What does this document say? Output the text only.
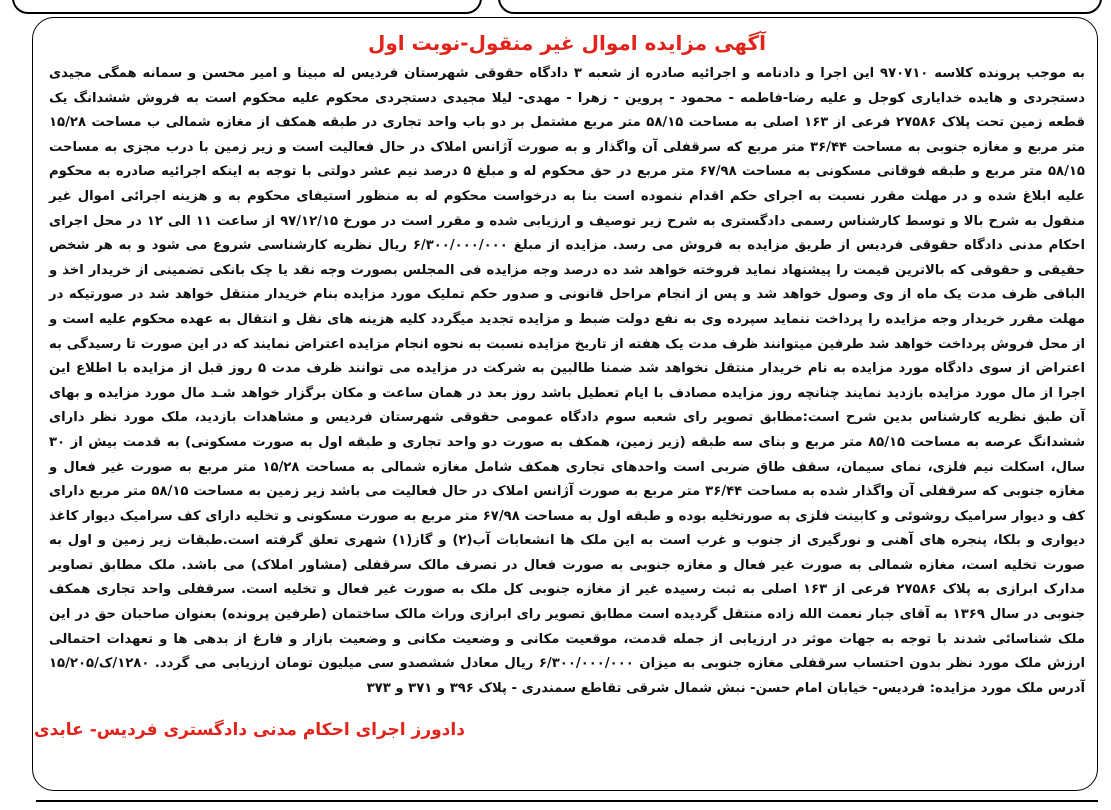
آگهی مزایده اموال غیر منقول-نوبت اول

به موجب پرونده کلاسه ۹۷۰۷۱۰ این اجرا و دادنامه و اجرائیه صادره از شعبه ۳ دادگاه حقوقی شهرستان فردیس له مبینا و امیر محسن و سمانه همگی مجیدی دستجردی و هایده خدایاری کوجل و علیه رضا-فاطمه - محمود - پروین - زهرا - مهدی- لیلا مجیدی دستجردی محکوم علیه محکوم است به فروش ششدانگ یک قطعه زمین تحت پلاک ۲۷۵۸۶ فرعی از ۱۶۳ اصلی به مساحت ۵۸/۱۵ متر مربع مشتمل بر دو باب واحد تجاری در طبقه همکف از مغازه شمالی ب مساحت ۱۵/۲۸ متر مربع و مغازه جنوبی به مساحت ۳۶/۴۴ متر مربع که سرقفلی آن واگذار و به صورت آژانس املاک در حال فعالیت است و زیر زمین با درب مجزی به مساحت ۵۸/۱۵ متر مربع و طبقه فوقانی مسکونی به مساحت ۶۷/۹۸ متر مربع در حق محکوم له و مبلغ ۵ درصد نیم عشر دولتی با توجه به اینکه اجرائیه صادره به محکوم علیه ابلاغ شده و در مهلت مقرر نسبت به اجرای حکم اقدام ننموده است بنا به درخواست محکوم له به منظور استیفای محکوم به و هزینه اجرائی اموال غیر منقول به شرح بالا و توسط کارشناس رسمی دادگستری به شرح زیر توصیف و ارزیابی شده و مقرر است در مورخ ۹۷/۱۲/۱۵ از ساعت ۱۱ الی ۱۲ در محل اجرای احکام مدنی دادگاه حقوقی فردیس از طریق مزایده به فروش می رسد. مزایده از مبلغ ۶/۳۰۰/۰۰۰/۰۰۰ ریال نظریه کارشناسی شروع می شود و به هر شخص حقیقی و حقوقی که بالاترین قیمت را پیشنهاد نماید فروخته خواهد شد ده درصد وجه مزایده فی المجلس بصورت وجه نقد یا چک بانکی تضمینی از خریدار اخذ و الباقی ظرف مدت یک ماه از وی وصول خواهد شد و پس از انجام مراحل قانونی و صدور حکم تملیک مورد مزایده بنام خریدار منتقل خواهد شد در صورتیکه در مهلت مقرر خریدار وجه مزایده را پرداخت ننماید سپرده وی به نفع دولت ضبط و مزایده تجدید میگردد کلیه هزینه های نقل و انتقال به عهده محکوم علیه است و از محل فروش پرداخت خواهد شد طرفین میتوانند ظرف مدت یک هفته از تاریخ مزایده نسبت به نحوه انجام مزایده اعتراض نمایند که در این صورت تا رسیدگی به اعتراض از سوی دادگاه مورد مزایده به نام خریدار منتقل نخواهد شد ضمنا طالبین به شرکت در مزایده می توانند ظرف مدت ۵ روز قبل از مزایده با اطلاع این اجرا از مال مورد مزایده بازدید نمایند چنانچه روز مزایده مصادف با ایام تعطیل باشد روز بعد در همان ساعت و مکان برگزار خواهد شـد مال مورد مزایده و بهای آن طبق نظریه کارشناس بدین شرح است:مطابق تصویر رای شعبه سوم دادگاه عمومی حقوقی شهرستان فردیس و مشاهدات بازدید، ملک مورد نظر دارای ششدانگ عرصه به مساحت ۸۵/۱۵ متر مربع و بنای سه طبقه (زیر زمین، همکف به صورت دو واحد تجاری و طبقه اول به صورت مسکونی) به قدمت بیش از ۳۰ سال، اسکلت نیم فلزی، نمای سیمان، سقف طاق ضربی است واحدهای تجاری همکف شامل مغازه شمالی به مساحت ۱۵/۲۸ متر مربع به صورت غیر فعال و مغازه جنوبی که سرقفلی آن واگذار شده به مساحت ۳۶/۴۴ متر مربع به صورت آژانس املاک در حال فعالیت می باشد زیر زمین به مساحت ۵۸/۱۵ متر مربع دارای کف و دیوار سرامیک روشوئی و کابینت فلزی به صورتخلیه بوده و طبقه اول به مساحت ۶۷/۹۸ متر مربع به صورت مسکونی و تخلیه دارای کف سرامیک دیوار کاغذ دیواری و بلکا، پنجره های آهنی و نورگیری از جنوب و غرب است به این ملک ها انشعابات آب(۲) و گاز(۱) شهری تعلق گرفته است.طبقات زیر زمین و اول به صورت تخلیه است، مغازه شمالی به صورت غیر فعال و مغازه جنوبی به صورت فعال در تصرف مالک سرقفلی (مشاور املاک) می باشد. ملک مطابق تصاویر مدارک ابرازی به پلاک ۲۷۵۸۶ فرعی از ۱۶۳ اصلی به ثبت رسیده غیر از مغازه جنوبی کل ملک به صورت غیر فعال و تخلیه است. سرقفلی واحد تجاری همکف جنوبی در سال ۱۳۶۹ به آقای جبار نعمت الله زاده منتقل گردیده است مطابق تصویر رای ابرازی وراث مالک ساختمان (طرفین پرونده) بعنوان صاحبان حق در این ملک شناسائی شدند با توجه به جهات موثر در ارزیابی از جمله قدمت، موقعیت مکانی و وضعیت مکانی و وضعیت بازار و فارغ از بدهی ها و تعهدات احتمالی ارزش ملک مورد نظر بدون احتساب سرقفلی مغازه جنوبی به میزان ۶/۳۰۰/۰۰۰/۰۰۰ ریال معادل ششصدو سی میلیون تومان ارزیابی می گردد. ۱۲۸۰/ک/۱۵/۲۰۵ آدرس ملک مورد مزایده: فردیس- خیابان امام حسن- نبش شمال شرقی تقاطع سمندری - پلاک ۳۹۶ و ۳۷۱ و ۳۷۳

دادورز اجرای احکام مدنی دادگستری فردیس- عابدی
